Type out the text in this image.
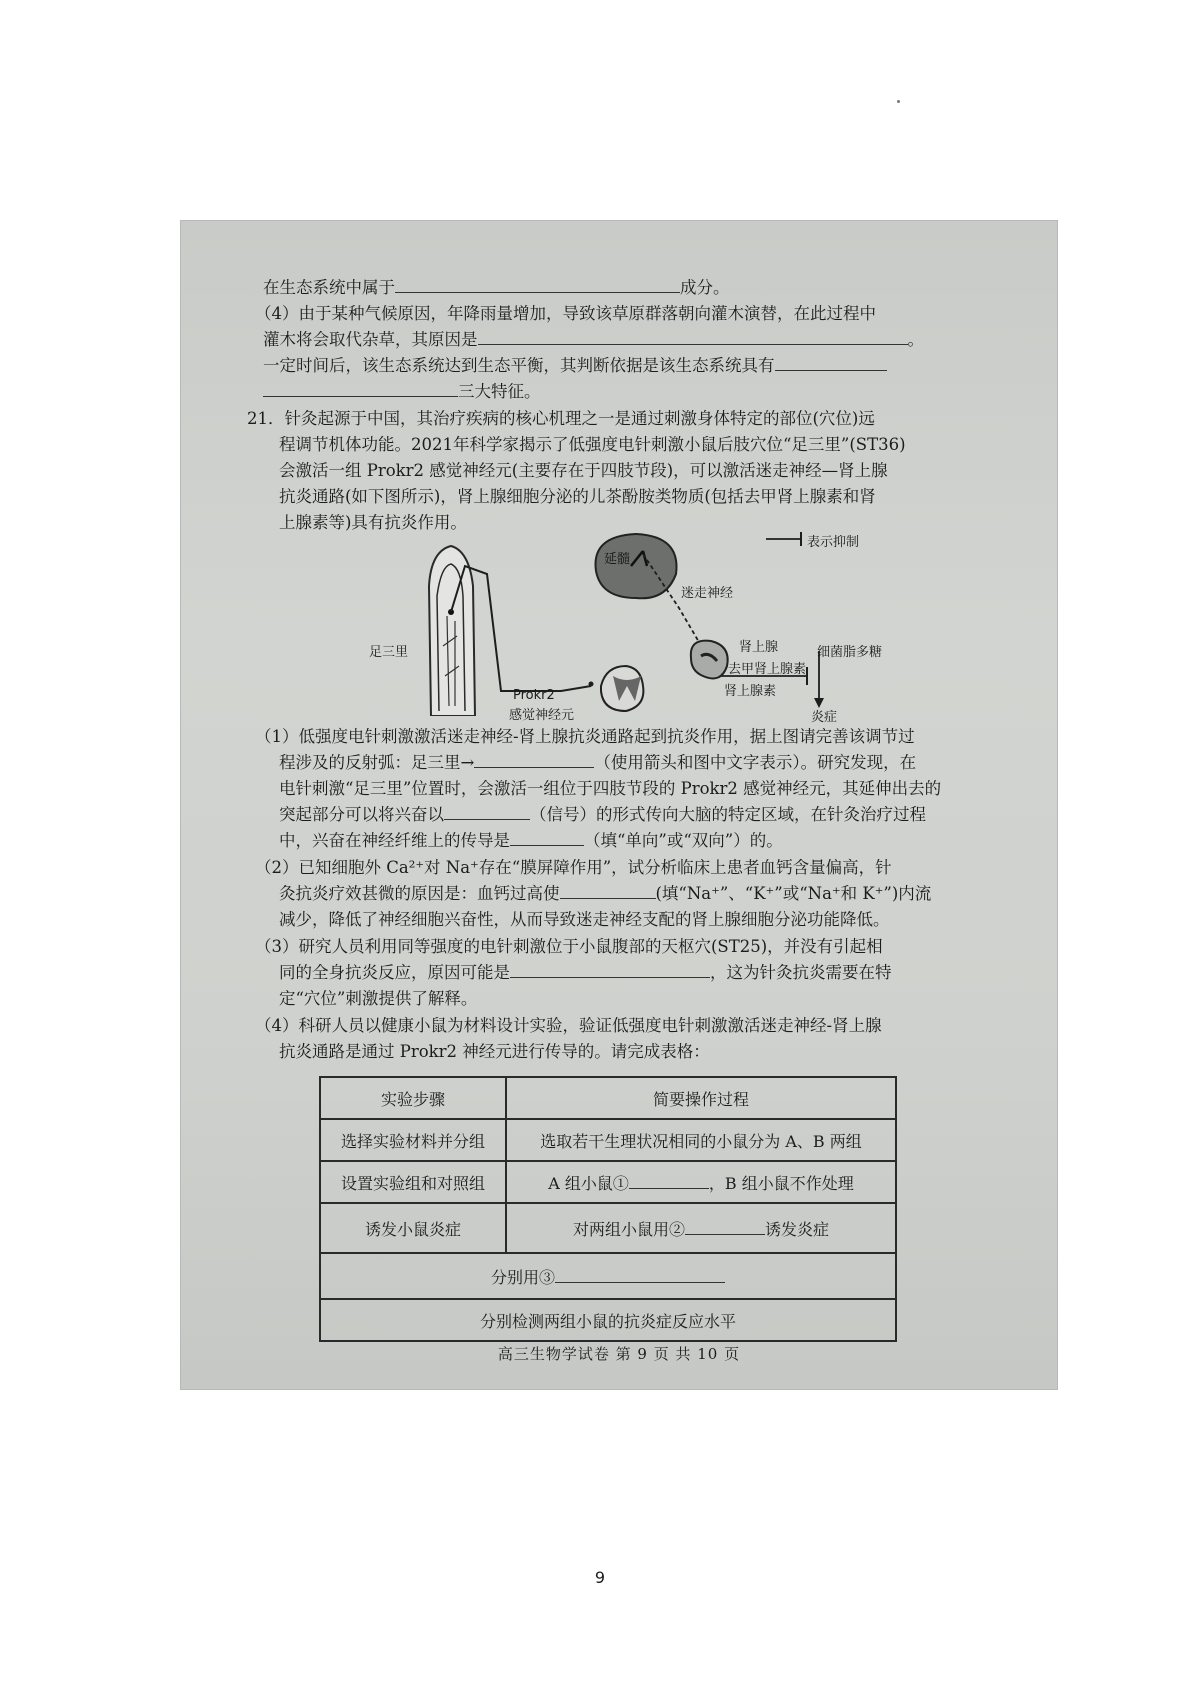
在生态系统中属于	成分。
（4）由于某种气候原因，年降雨量增加，导致该草原群落朝向灌木演替，在此过程中
灌木将会取代杂草，其原因是	。
一定时间后，该生态系统达到生态平衡，其判断依据是该生态系统具有
三大特征。
21．针灸起源于中国，其治疗疾病的核心机理之一是通过刺激身体特定的部位(穴位)远
程调节机体功能。2021年科学家揭示了低强度电针刺激小鼠后肢穴位“足三里”(ST36)
会激活一组 Prokr2 感觉神经元(主要存在于四肢节段)，可以激活迷走神经—肾上腺
抗炎通路(如下图所示)，肾上腺细胞分泌的儿茶酚胺类物质(包括去甲肾上腺素和肾
上腺素等)具有抗炎作用。
延髓
迷走神经
表示抑制
肾上腺	细菌脂多糖
去甲肾上腺素
肾上腺素
炎症
足三里
Prokr2
感觉神经元
（1）低强度电针刺激激活迷走神经-肾上腺抗炎通路起到抗炎作用，据上图请完善该调节过
程涉及的反射弧：足三里→	（使用箭头和图中文字表示）。研究发现，在
电针刺激“足三里”位置时，会激活一组位于四肢节段的 Prokr2 感觉神经元，其延伸出去的
突起部分可以将兴奋以	（信号）的形式传向大脑的特定区域，在针灸治疗过程
中，兴奋在神经纤维上的传导是	（填“单向”或“双向”）的。
（2）已知细胞外 Ca²⁺对 Na⁺存在“膜屏障作用”，试分析临床上患者血钙含量偏高，针
灸抗炎疗效甚微的原因是：血钙过高使	(填“Na⁺”、“K⁺”或“Na⁺和 K⁺”)内流
减少，降低了神经细胞兴奋性，从而导致迷走神经支配的肾上腺细胞分泌功能降低。
（3）研究人员利用同等强度的电针刺激位于小鼠腹部的天枢穴(ST25)，并没有引起相
同的全身抗炎反应，原因可能是	，这为针灸抗炎需要在特
定“穴位”刺激提供了解释。
（4）科研人员以健康小鼠为材料设计实验，验证低强度电针刺激激活迷走神经-肾上腺
抗炎通路是通过 Prokr2 神经元进行传导的。请完成表格：
实验步骤	简要操作过程
选择实验材料并分组	选取若干生理状况相同的小鼠分为 A、B 两组
设置实验组和对照组	A 组小鼠① ，B 组小鼠不作处理
诱发小鼠炎症	对两组小鼠用② 诱发炎症
分别用③	
分别检测两组小鼠的抗炎症反应水平	
高三生物学试卷 第 9 页 共 10 页
9
